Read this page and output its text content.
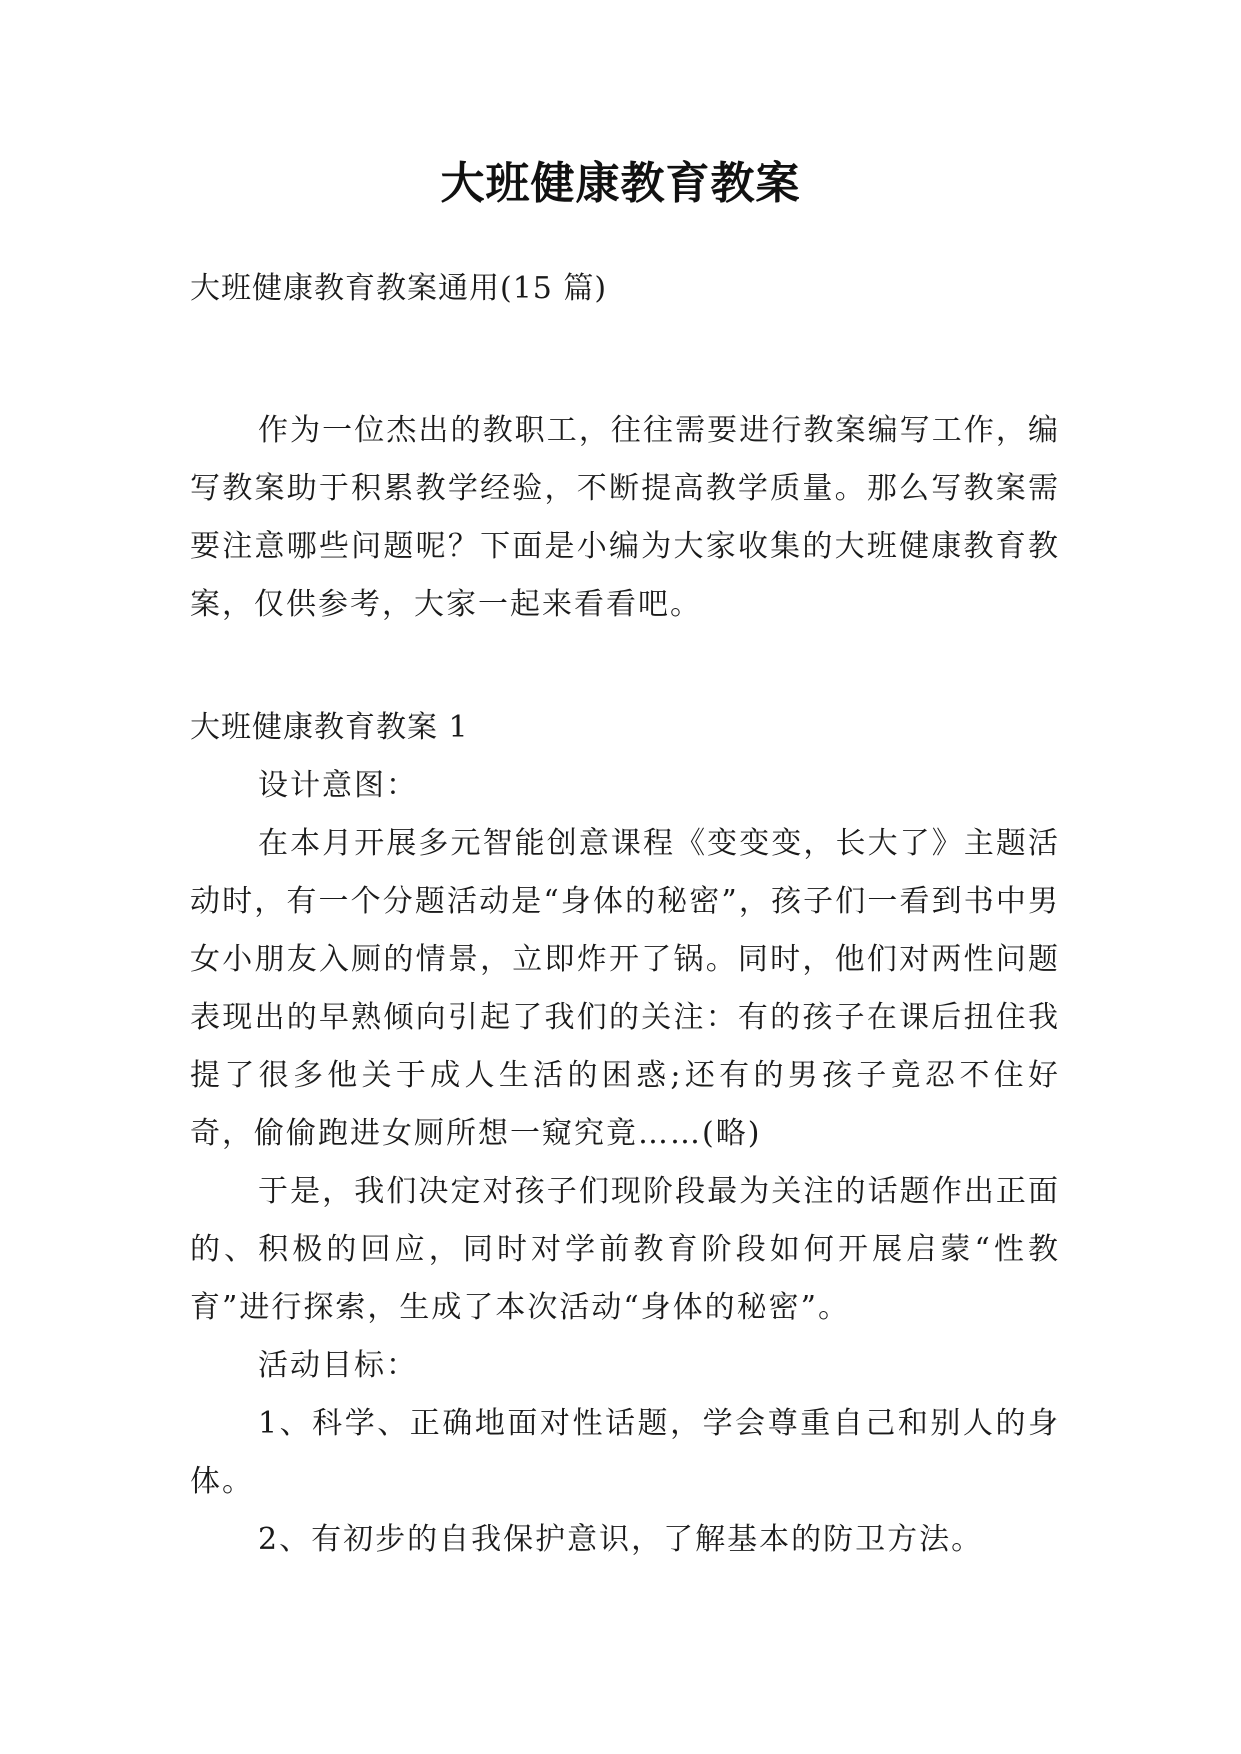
大班健康教育教案
大班健康教育教案通用(15 篇)

作为一位杰出的教职工，往往需要进行教案编写工作，编写教案助于积累教学经验，不断提高教学质量。那么写教案需要注意哪些问题呢？下面是小编为大家收集的大班健康教育教案，仅供参考，大家一起来看看吧。

大班健康教育教案 1

设计意图：

在本月开展多元智能创意课程《变变变，长大了》主题活动时，有一个分题活动是“身体的秘密”，孩子们一看到书中男女小朋友入厕的情景，立即炸开了锅。同时，他们对两性问题表现出的早熟倾向引起了我们的关注：有的孩子在课后扭住我提了很多他关于成人生活的困惑;还有的男孩子竟忍不住好奇，偷偷跑进女厕所想一窥究竟……(略)

于是，我们决定对孩子们现阶段最为关注的话题作出正面的、积极的回应，同时对学前教育阶段如何开展启蒙“性教育”进行探索，生成了本次活动“身体的秘密”。

活动目标：

1、科学、正确地面对性话题，学会尊重自己和别人的身体。

2、有初步的自我保护意识，了解基本的防卫方法。
